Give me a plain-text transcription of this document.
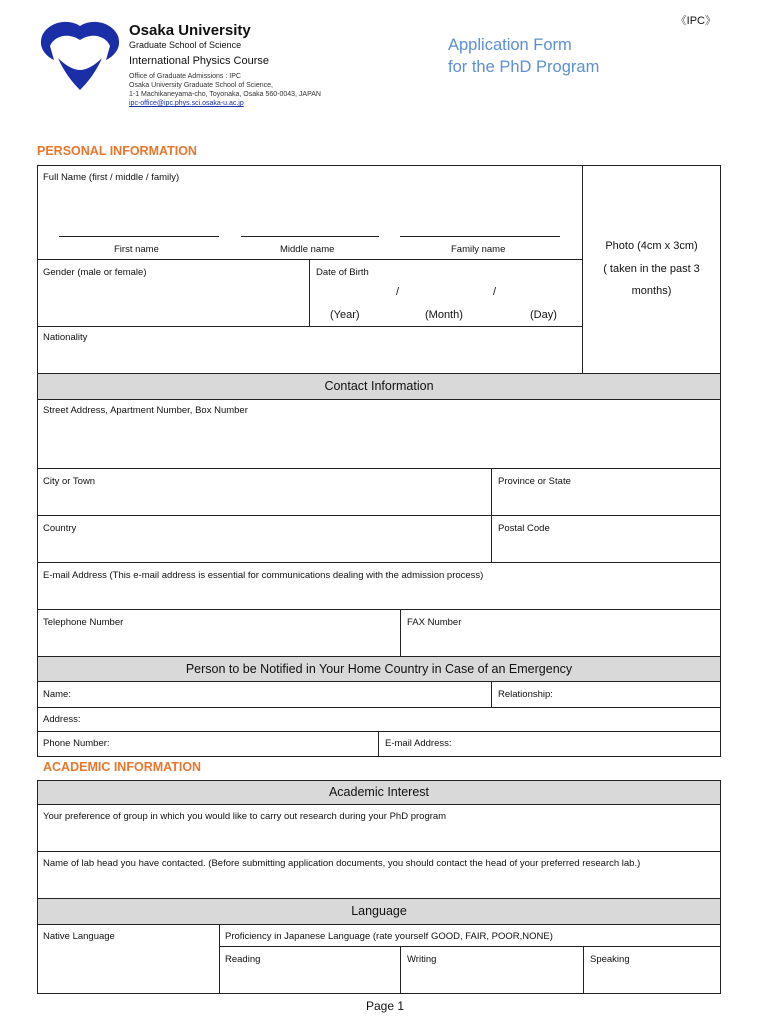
《IPC》
Osaka University
Graduate School of Science
International Physics Course
Office of Graduate Admissions : IPC
Osaka University Graduate School of Science,
1-1 Machikaneyama-cho, Toyonaka, Osaka 560-0043, JAPAN
ipc-office@ipc.phys.sci.osaka-u.ac.jp
Application Form
for the PhD Program
PERSONAL INFORMATION
Full Name (first / middle / family)
First name	Middle name	Family name
Gender (male or female)	Date of Birth
/	/
(Year)	(Month)	(Day)
Nationality
Photo (4cm x 3cm)
( taken in the past 3
months)
Contact Information
Street Address, Apartment Number, Box Number
City or Town	Province or State
Country	Postal Code
E-mail Address (This e-mail address is essential for communications dealing with the admission process)
Telephone Number	FAX Number
Person to be Notified in Your Home Country in Case of an Emergency
Name:	Relationship:
Address:
Phone Number:	E-mail Address:
ACADEMIC INFORMATION
Academic Interest
Your preference of group in which you would like to carry out research during your PhD program
Name of lab head you have contacted. (Before submitting application documents, you should contact the head of your preferred research lab.)
Language
Native Language	Proficiency in Japanese Language (rate yourself GOOD, FAIR, POOR,NONE)
Reading	Writing	Speaking
Page 1
